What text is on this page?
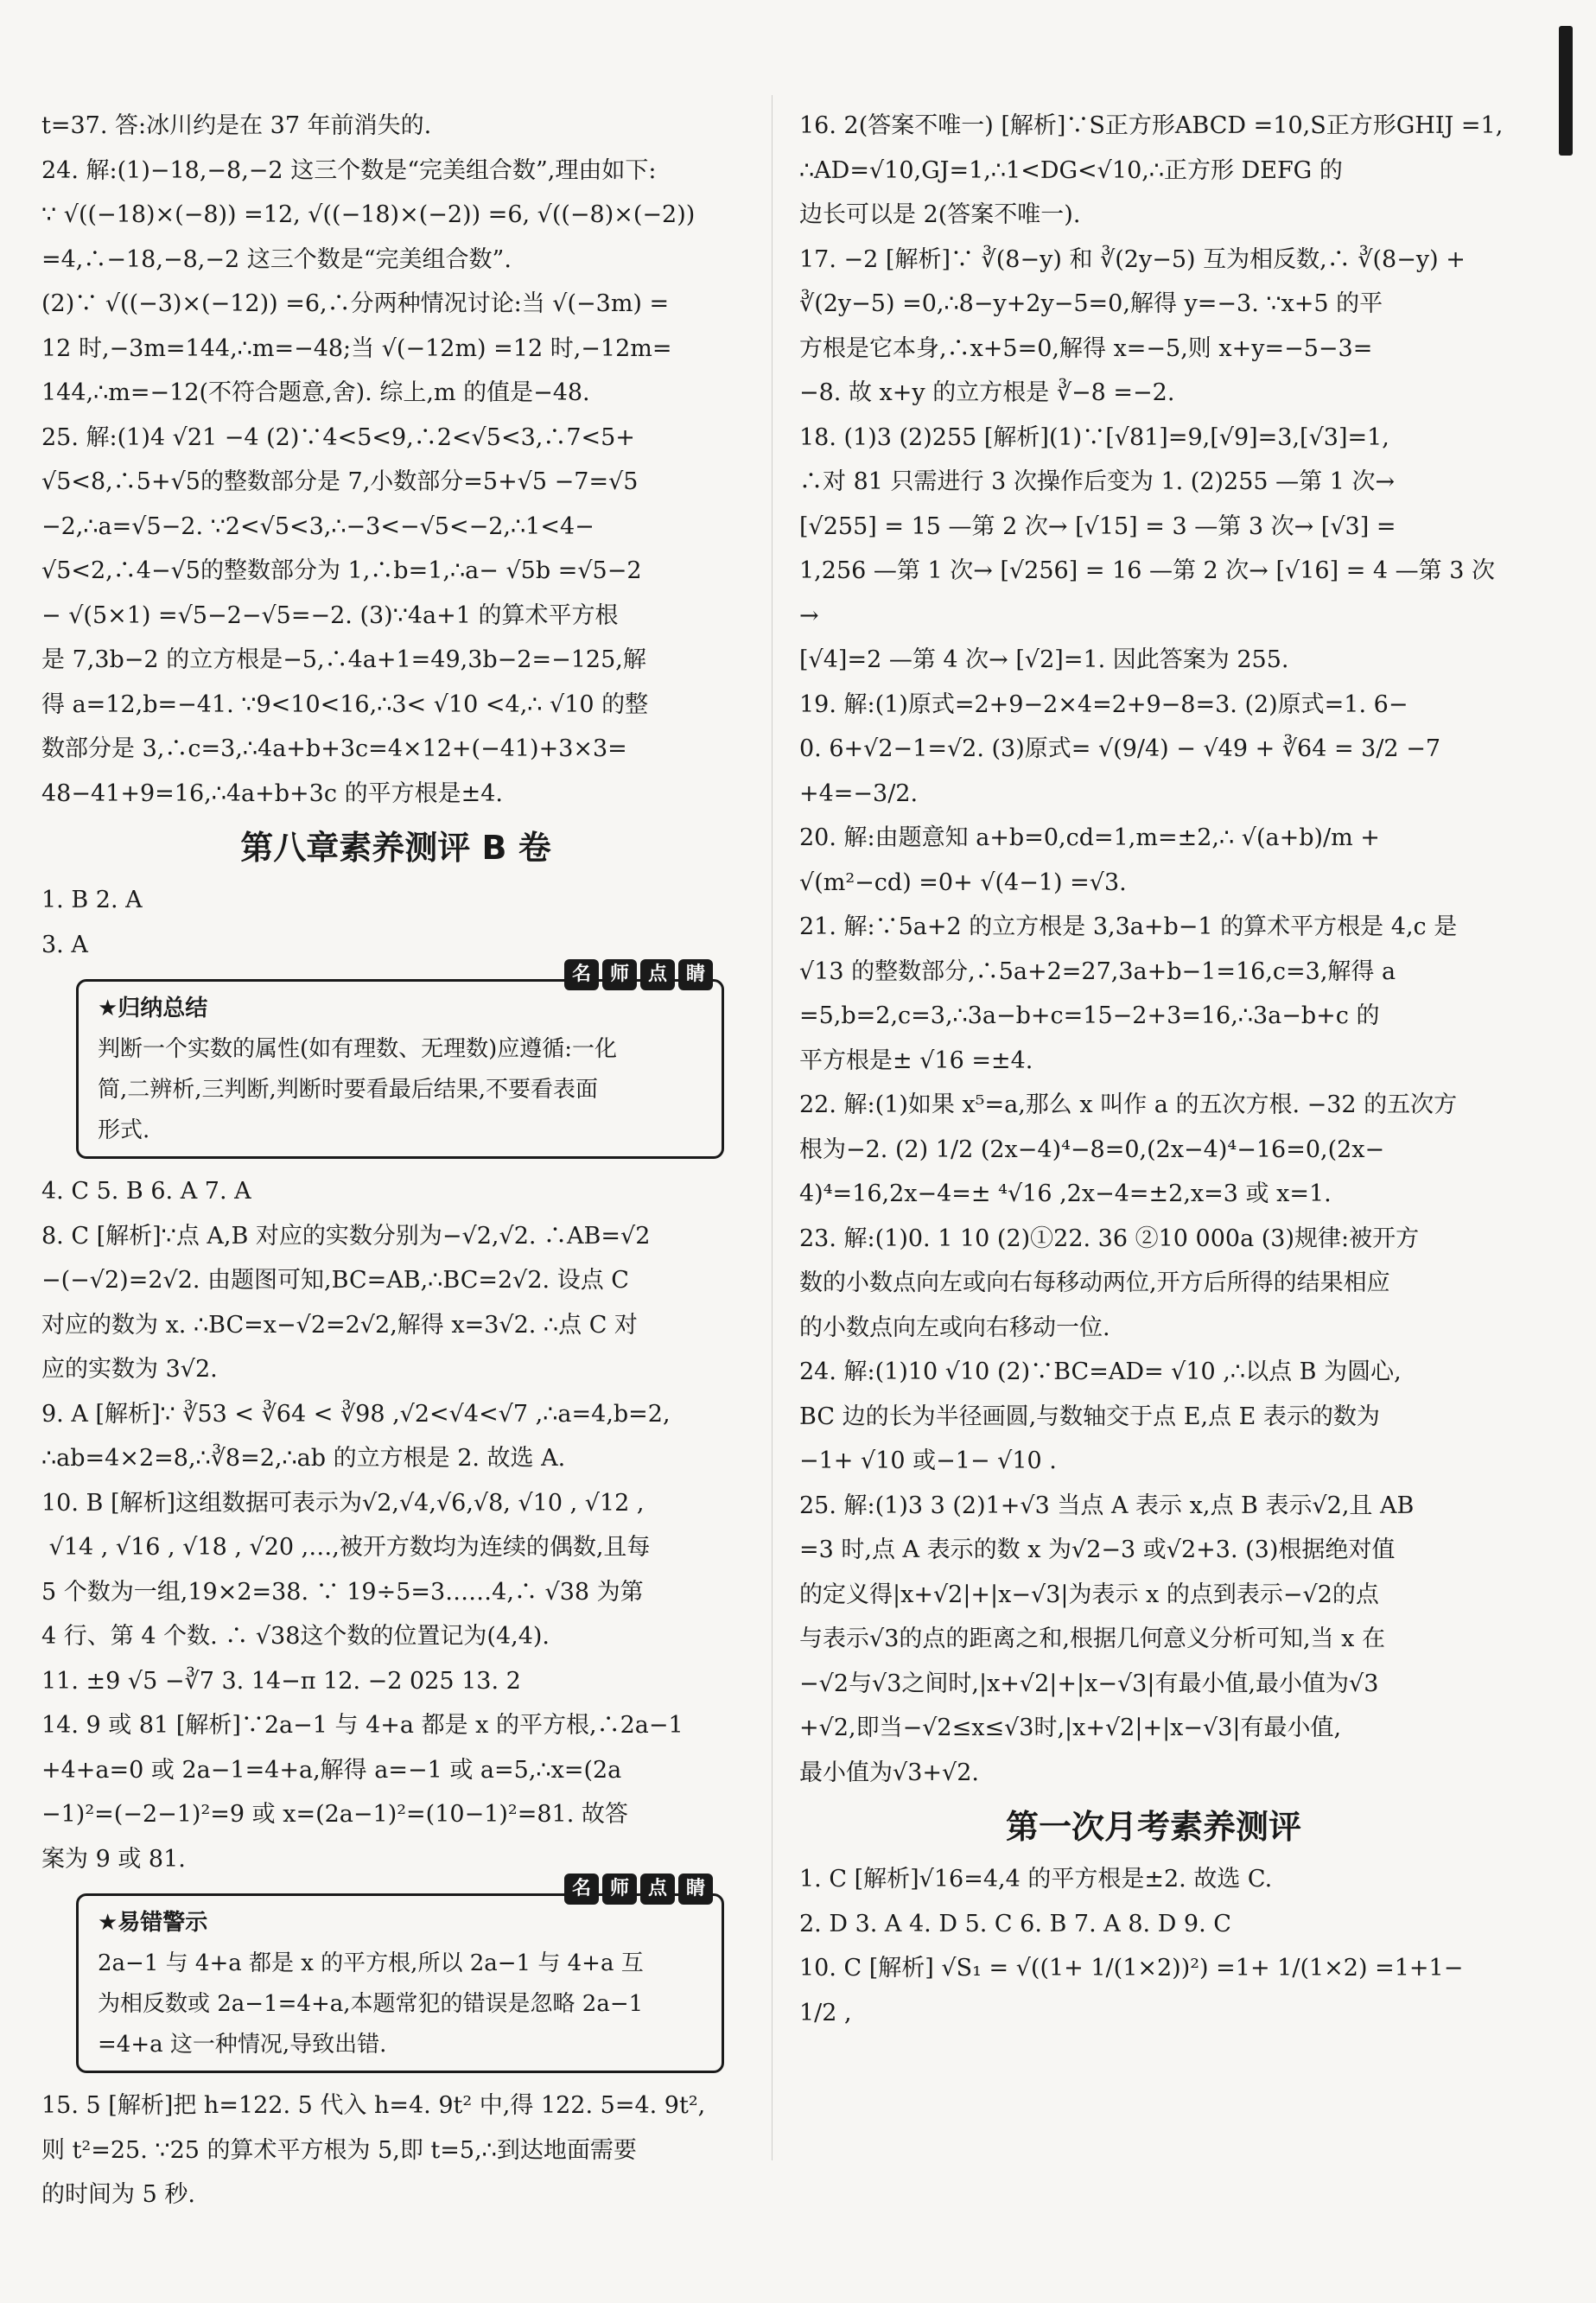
t=37. 答:冰川约是在 37 年前消失的.

24. 解:(1)−18,−8,−2 这三个数是“完美组合数”,理由如下:

∵ √((−18)×(−8)) =12, √((−18)×(−2)) =6, √((−8)×(−2))

=4,∴−18,−8,−2 这三个数是“完美组合数”.

(2)∵ √((−3)×(−12)) =6,∴分两种情况讨论:当 √(−3m) =

12 时,−3m=144,∴m=−48;当 √(−12m) =12 时,−12m=

144,∴m=−12(不符合题意,舍). 综上,m 的值是−48.

25. 解:(1)4 √21 −4 (2)∵4<5<9,∴2<√5<3,∴7<5+

√5<8,∴5+√5的整数部分是 7,小数部分=5+√5 −7=√5

−2,∴a=√5−2. ∵2<√5<3,∴−3<−√5<−2,∴1<4−

√5<2,∴4−√5的整数部分为 1,∴b=1,∴a− √5b =√5−2

− √(5×1) =√5−2−√5=−2. (3)∵4a+1 的算术平方根

是 7,3b−2 的立方根是−5,∴4a+1=49,3b−2=−125,解

得 a=12,b=−41. ∵9<10<16,∴3< √10 <4,∴ √10 的整

数部分是 3,∴c=3,∴4a+b+3c=4×12+(−41)+3×3=

48−41+9=16,∴4a+b+3c 的平方根是±4.

第八章素养测评 B 卷

1. B 2. A

3. A

名 师 点 睛
★归纳总结
判断一个实数的属性(如有理数、无理数)应遵循:一化
简,二辨析,三判断,判断时要看最后结果,不要看表面
形式.

4. C 5. B 6. A 7. A

8. C [解析]∵点 A,B 对应的实数分别为−√2,√2. ∴AB=√2

−(−√2)=2√2. 由题图可知,BC=AB,∴BC=2√2. 设点 C

对应的数为 x. ∴BC=x−√2=2√2,解得 x=3√2. ∴点 C 对

应的实数为 3√2.

9. A [解析]∵ ∛53 < ∛64 < ∛98 ,√2<√4<√7 ,∴a=4,b=2,

∴ab=4×2=8,∴∛8=2,∴ab 的立方根是 2. 故选 A.

10. B [解析]这组数据可表示为√2,√4,√6,√8, √10 , √12 ,

√14 , √16 , √18 , √20 ,…,被开方数均为连续的偶数,且每

5 个数为一组,19×2=38. ∵ 19÷5=3……4,∴ √38 为第

4 行、第 4 个数. ∴ √38这个数的位置记为(4,4).

11. ±9 √5 −∛7 3. 14−π 12. −2 025 13. 2

14. 9 或 81 [解析]∵2a−1 与 4+a 都是 x 的平方根,∴2a−1

+4+a=0 或 2a−1=4+a,解得 a=−1 或 a=5,∴x=(2a

−1)²=(−2−1)²=9 或 x=(2a−1)²=(10−1)²=81. 故答

案为 9 或 81.

名 师 点 睛
★易错警示
2a−1 与 4+a 都是 x 的平方根,所以 2a−1 与 4+a 互
为相反数或 2a−1=4+a,本题常犯的错误是忽略 2a−1
=4+a 这一种情况,导致出错.

15. 5 [解析]把 h=122. 5 代入 h=4. 9t² 中,得 122. 5=4. 9t²,

则 t²=25. ∵25 的算术平方根为 5,即 t=5,∴到达地面需要

的时间为 5 秒.

16. 2(答案不唯一) [解析]∵S正方形ABCD =10,S正方形GHIJ =1,

∴AD=√10,GJ=1,∴1<DG<√10,∴正方形 DEFG 的

边长可以是 2(答案不唯一).

17. −2 [解析]∵ ∛(8−y) 和 ∛(2y−5) 互为相反数,∴ ∛(8−y) +

∛(2y−5) =0,∴8−y+2y−5=0,解得 y=−3. ∵x+5 的平

方根是它本身,∴x+5=0,解得 x=−5,则 x+y=−5−3=

−8. 故 x+y 的立方根是 ∛−8 =−2.

18. (1)3 (2)255 [解析](1)∵[√81]=9,[√9]=3,[√3]=1,

∴对 81 只需进行 3 次操作后变为 1. (2)255 —第 1 次→

[√255] = 15 —第 2 次→ [√15] = 3 —第 3 次→ [√3] =

1,256 —第 1 次→ [√256] = 16 —第 2 次→ [√16] = 4 —第 3 次→

[√4]=2 —第 4 次→ [√2]=1. 因此答案为 255.

19. 解:(1)原式=2+9−2×4=2+9−8=3. (2)原式=1. 6−

0. 6+√2−1=√2. (3)原式= √(9/4) − √49 + ∛64 = 3/2 −7

+4=−3/2.

20. 解:由题意知 a+b=0,cd=1,m=±2,∴ √(a+b)/m +

√(m²−cd) =0+ √(4−1) =√3.

21. 解:∵5a+2 的立方根是 3,3a+b−1 的算术平方根是 4,c 是

√13 的整数部分,∴5a+2=27,3a+b−1=16,c=3,解得 a

=5,b=2,c=3,∴3a−b+c=15−2+3=16,∴3a−b+c 的

平方根是± √16 =±4.

22. 解:(1)如果 x⁵=a,那么 x 叫作 a 的五次方根. −32 的五次方

根为−2. (2) 1/2 (2x−4)⁴−8=0,(2x−4)⁴−16=0,(2x−

4)⁴=16,2x−4=± ⁴√16 ,2x−4=±2,x=3 或 x=1.

23. 解:(1)0. 1 10 (2)①22. 36 ②10 000a (3)规律:被开方

数的小数点向左或向右每移动两位,开方后所得的结果相应

的小数点向左或向右移动一位.

24. 解:(1)10 √10 (2)∵BC=AD= √10 ,∴以点 B 为圆心,

BC 边的长为半径画圆,与数轴交于点 E,点 E 表示的数为

−1+ √10 或−1− √10 .

25. 解:(1)3 3 (2)1+√3 当点 A 表示 x,点 B 表示√2,且 AB

=3 时,点 A 表示的数 x 为√2−3 或√2+3. (3)根据绝对值

的定义得|x+√2|+|x−√3|为表示 x 的点到表示−√2的点

与表示√3的点的距离之和,根据几何意义分析可知,当 x 在

−√2与√3之间时,|x+√2|+|x−√3|有最小值,最小值为√3

+√2,即当−√2≤x≤√3时,|x+√2|+|x−√3|有最小值,

最小值为√3+√2.

第一次月考素养测评

1. C [解析]√16=4,4 的平方根是±2. 故选 C.

2. D 3. A 4. D 5. C 6. B 7. A 8. D 9. C

10. C [解析] √S₁ = √((1+ 1/(1×2))²) =1+ 1/(1×2) =1+1− 1/2 ,
